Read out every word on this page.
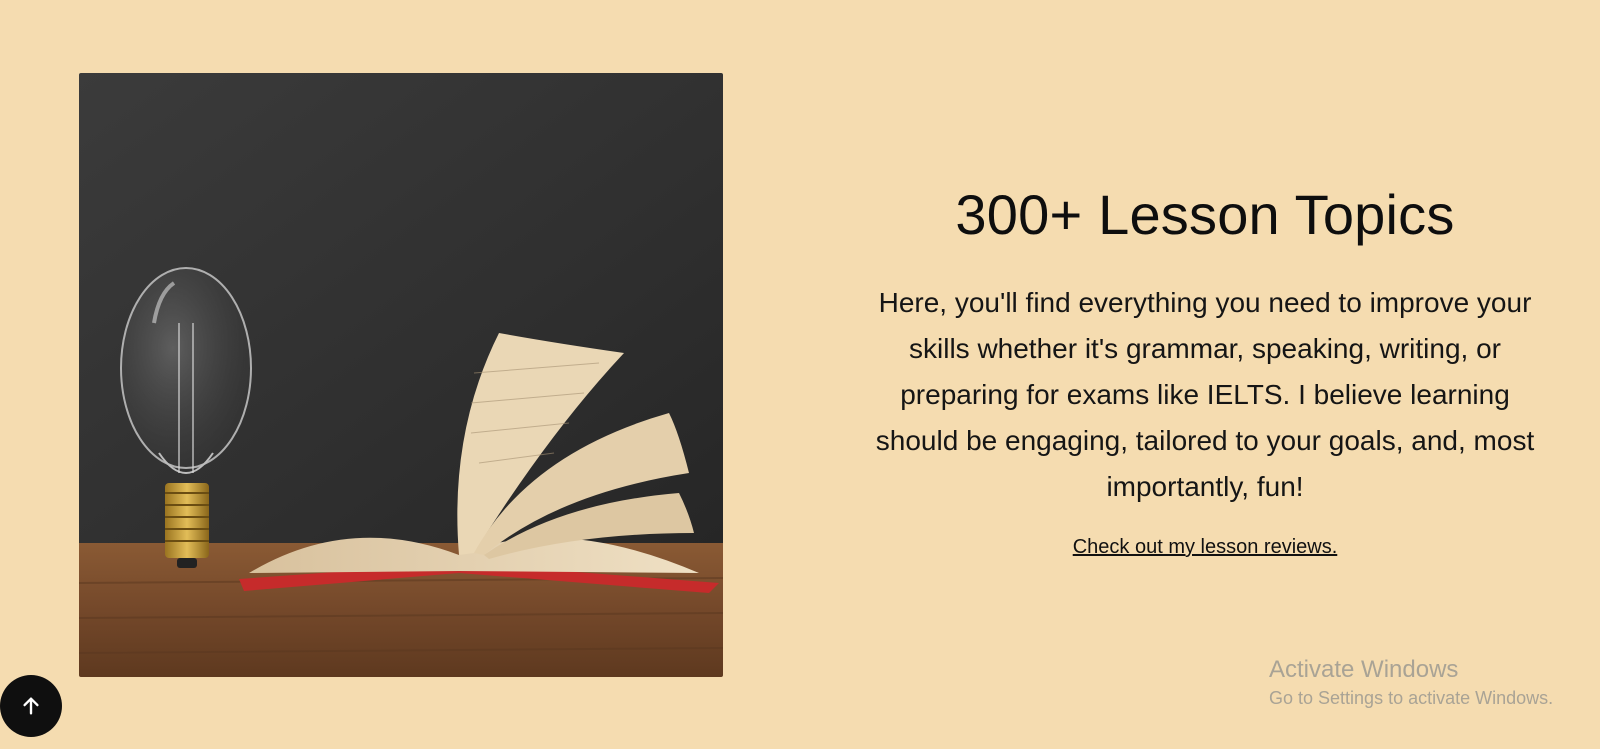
300+ Lesson Topics

Here, you'll find everything you need to improve your skills whether it's grammar, speaking, writing, or preparing for exams like IELTS. I believe learning should be engaging, tailored to your goals, and, most importantly, fun!

Check out my lesson reviews.
Activate Windows
Go to Settings to activate Windows.
